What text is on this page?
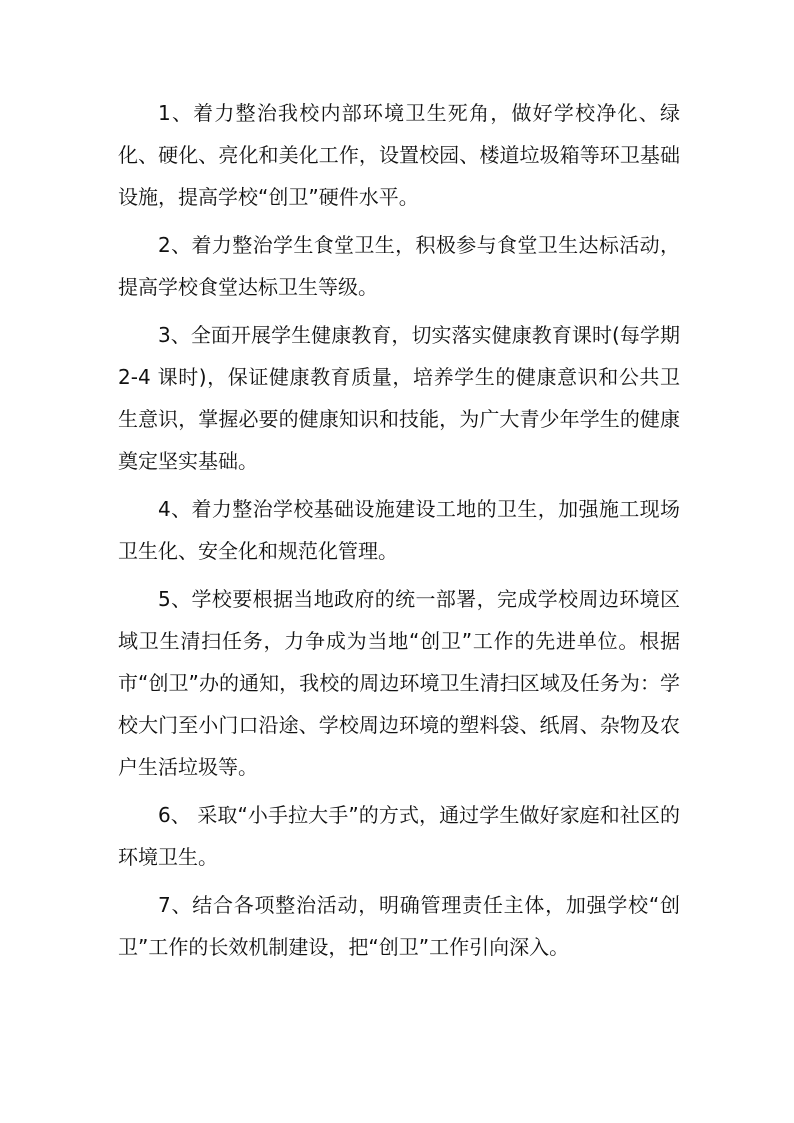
1、着力整治我校内部环境卫生死角，做好学校净化、绿化、硬化、亮化和美化工作，设置校园、楼道垃圾箱等环卫基础设施，提高学校“创卫”硬件水平。

2、着力整治学生食堂卫生，积极参与食堂卫生达标活动，提高学校食堂达标卫生等级。

3、全面开展学生健康教育，切实落实健康教育课时(每学期 2-4 课时)，保证健康教育质量，培养学生的健康意识和公共卫生意识，掌握必要的健康知识和技能，为广大青少年学生的健康奠定坚实基础。

4、着力整治学校基础设施建设工地的卫生，加强施工现场卫生化、安全化和规范化管理。

5、学校要根据当地政府的统一部署，完成学校周边环境区域卫生清扫任务，力争成为当地“创卫”工作的先进单位。根据市“创卫”办的通知，我校的周边环境卫生清扫区域及任务为：学校大门至小门口沿途、学校周边环境的塑料袋、纸屑、杂物及农户生活垃圾等。

6、 采取“小手拉大手”的方式，通过学生做好家庭和社区的环境卫生。

7、结合各项整治活动，明确管理责任主体，加强学校“创卫”工作的长效机制建设，把“创卫”工作引向深入。
